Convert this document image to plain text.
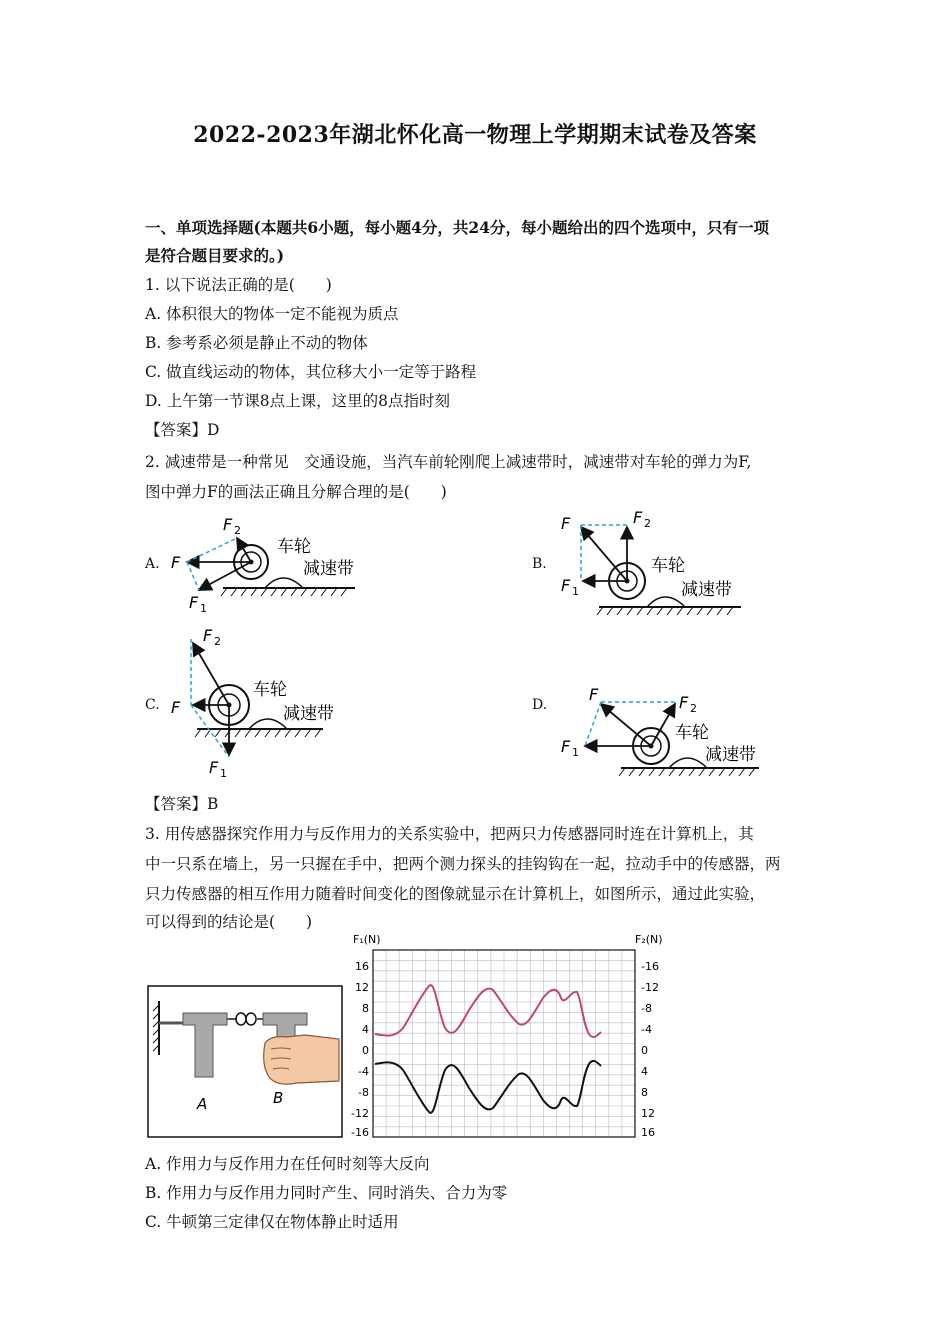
2022-2023年湖北怀化高一物理上学期期末试卷及答案
一、单项选择题(本题共6小题，每小题4分，共24分，每小题给出的四个选项中，只有一项
是符合题目要求的。)
1. 以下说法正确的是(　　)
A. 体积很大的物体一定不能视为质点
B. 参考系必须是静止不动的物体
C. 做直线运动的物体，其位移大小一定等于路程
D. 上午第一节课8点上课，这里的8点指时刻
【答案】D
2. 减速带是一种常见　交通设施，当汽车前轮刚爬上减速带时，减速带对车轮的弹力为F,
图中弹力F的画法正确且分解合理的是(　　)
A.	B.
C.	D.
F
F 2
F 1
车轮
减速带
F	F 2
F 1
车轮
减速带
F
F 2
F 1
车轮
减速带
F	F 2
F 1
车轮
减速带
【答案】B
3. 用传感器探究作用力与反作用力的关系实验中，把两只力传感器同时连在计算机上，其
中一只系在墙上，另一只握在手中，把两个测力探头的挂钩钩在一起，拉动手中的传感器，两
只力传感器的相互作用力随着时间变化的图像就显示在计算机上，如图所示，通过此实验，
可以得到的结论是(　　)
A	B
F₁(N)	F₂(N)
16
12
8
4
0
-4
-8
-12
-16
-16
-12
-8
-4
0
4
8
12
16
A. 作用力与反作用力在任何时刻等大反向
B. 作用力与反作用力同时产生、同时消失、合力为零
C. 牛顿第三定律仅在物体静止时适用
